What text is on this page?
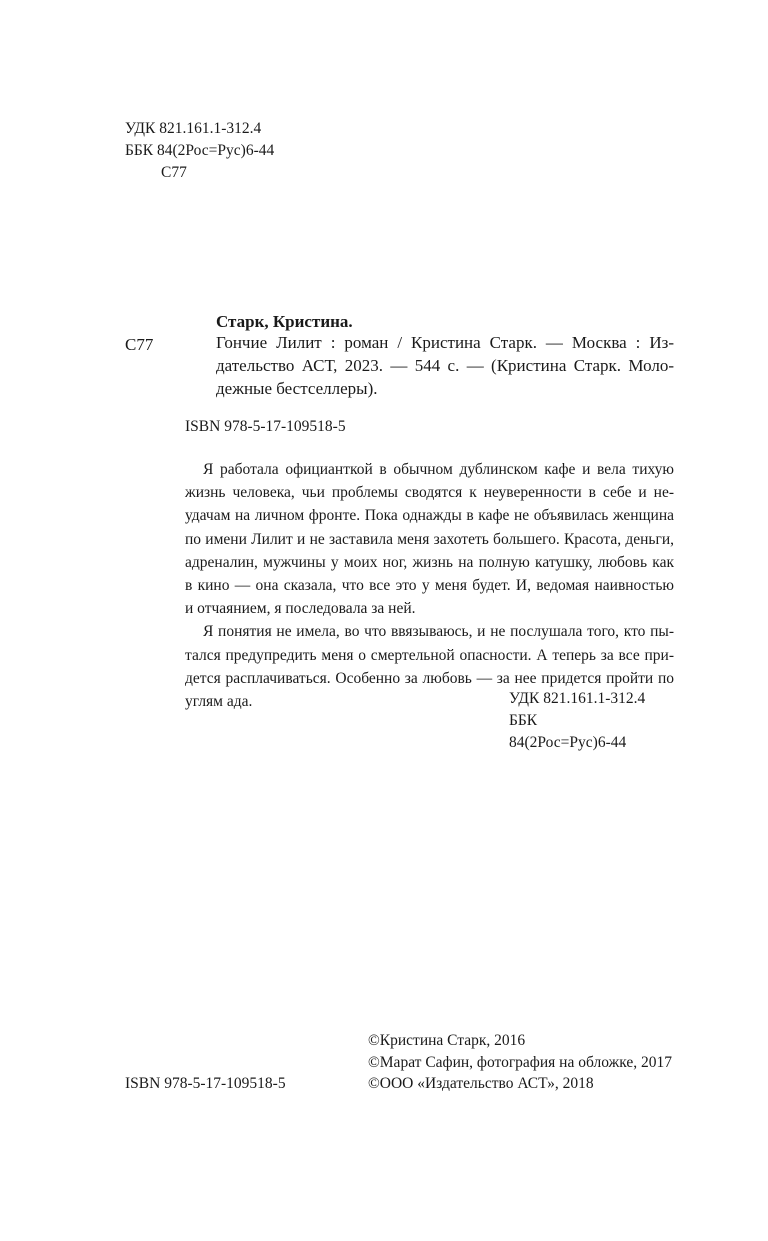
УДК 821.161.1-312.4
ББК 84(2Рос=Рус)6-44
С77
Старк, Кристина.
С77	Гончие Лилит : роман / Кристина Старк. — Москва : Из-
дательство АСТ, 2023. — 544 с. — (Кристина Старк. Моло-
дежные бестселлеры).
ISBN 978-5-17-109518-5
Я работала официанткой в обычном дублинском кафе и вела тихую
жизнь человека, чьи проблемы сводятся к неуверенности в себе и не-
удачам на личном фронте. Пока однажды в кафе не объявилась женщина
по имени Лилит и не заставила меня захотеть большего. Красота, деньги,
адреналин, мужчины у моих ног, жизнь на полную катушку, любовь как
в кино — она сказала, что все это у меня будет. И, ведомая наивностью
и отчаянием, я последовала за ней.
Я понятия не имела, во что ввязываюсь, и не послушала того, кто пы-
тался предупредить меня о смертельной опасности. А теперь за все при-
дется расплачиваться. Особенно за любовь — за нее придется пройти по
углям ада.	УДК 821.161.1-312.4
ББК
84(2Рос=Рус)6-44
ISBN 978-5-17-109518-5
©Кристина Старк, 2016
©Марат Сафин, фотография на обложке, 2017
©ООО «Издательство АСТ», 2018
